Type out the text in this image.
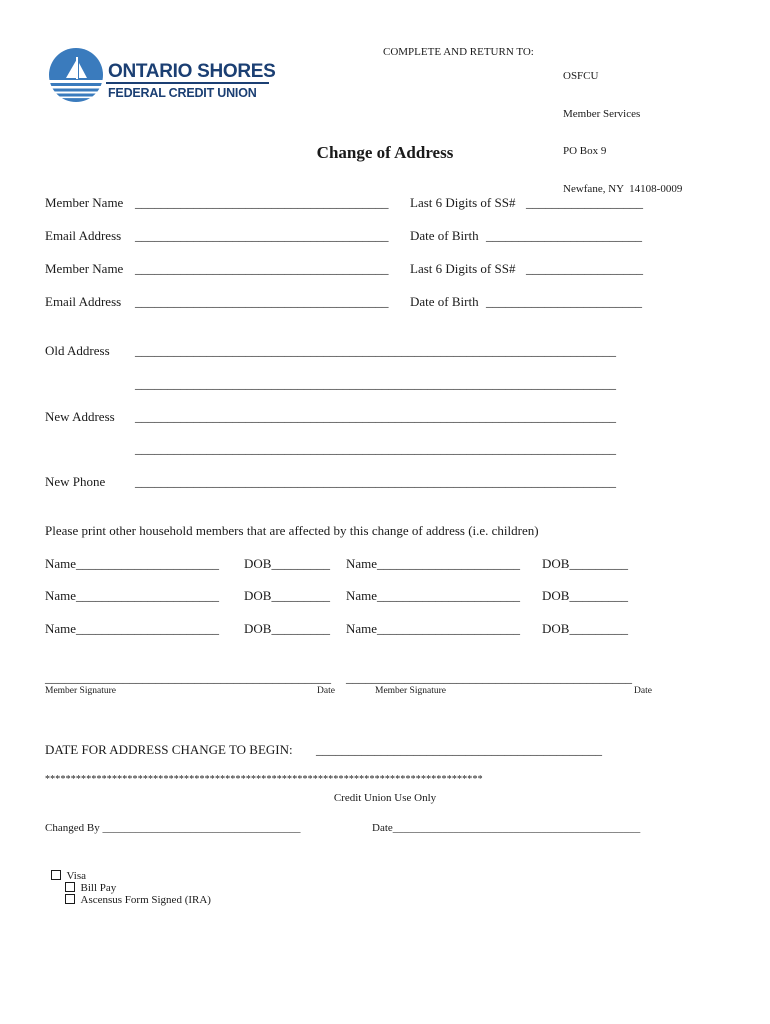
ONTARIO SHORES
FEDERAL CREDIT UNION
COMPLETE AND RETURN TO:

OSFCU

Member Services

PO Box 9

Newfane, NY  14108-0009

Change of Address
Member Name _______________________________________ Last 6 Digits of SS# __________________
Email Address _______________________________________ Date of Birth ________________________
Member Name _______________________________________ Last 6 Digits of SS# __________________
Email Address _______________________________________ Date of Birth ________________________
Old Address __________________________________________________________________________
__________________________________________________________________________
New Address __________________________________________________________________________
__________________________________________________________________________
New Phone __________________________________________________________________________
Please print other household members that are affected by this change of address (i.e. children)
Name______________________ DOB_________ Name______________________ DOB_________
Name______________________ DOB_________ Name______________________ DOB_________
Name______________________ DOB_________ Name______________________ DOB_________
____________________________________________
Member Signature	Date
____________________________________________
Member Signature	Date
DATE FOR ADDRESS CHANGE TO BEGIN: ____________________________________________
*************************************************************************************
Credit Union Use Only
Changed By ____________________________________	Date_____________________________________________

Visa
Bill Pay
Ascensus Form Signed (IRA)
